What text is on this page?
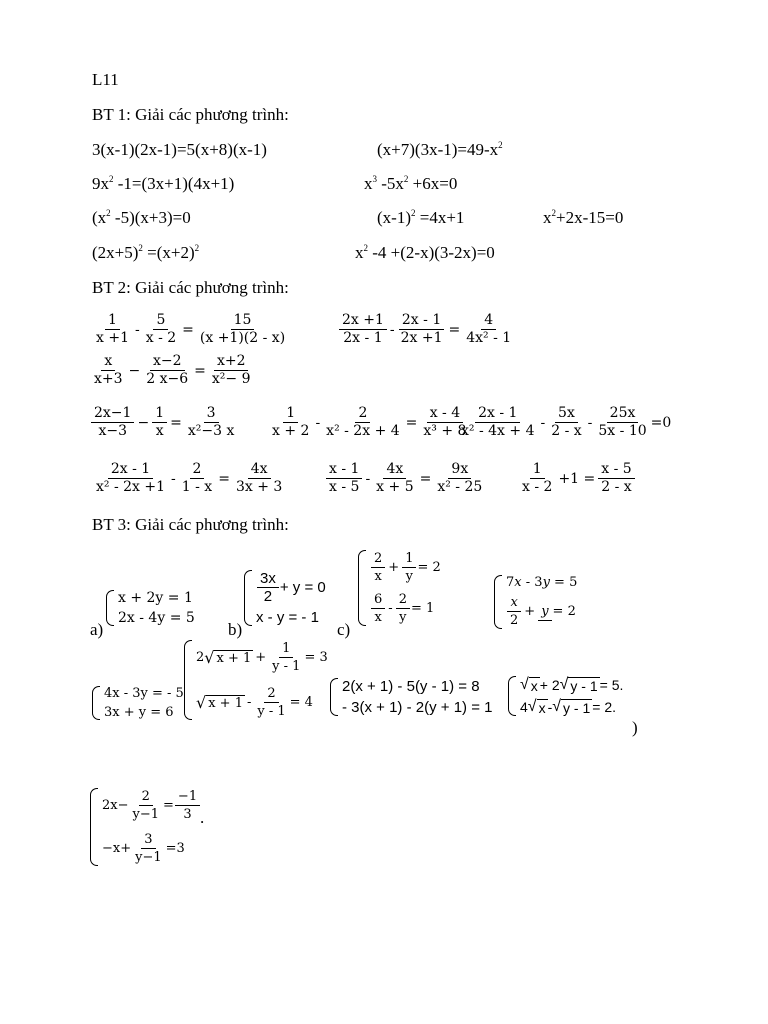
L11
BT 1: Giải các phương trình:
3(x-1)(2x-1)=5(x+8)(x-1)	$(x+7)(3x-1)=49-x^2$
$9x^2$ -1=(3x+1)(4x+1)	$x^3$ $-5x^2 +6x=0$
($x^2$ -5)(x+3)=0	$(x-1)^2 =4x+1$	$x^2+2x-15=0$
$(2x+5)^2 =(x+2)^2$	$x^2$ -4 +(2-x)(3-2x)=0
BT 2: Giải các phương trình:
$\frac{1}{x +1} - \frac{5}{x - 2} = \frac{15}{(x +1)(2 - x)}$	$\frac{2x +1}{2x - 1} - \frac{2x - 1}{2x +1} = \frac{4}{\text{4x² - 1}}$
$\frac{x}{x+3} - \frac{x-2}{2 x-6} = \frac{x+2}{\text{x²− 9}}$
$\frac{2x-1}{x-3} - \frac{1}{x} = \frac{3}{\text{x²−3 x}} \frac{1}{x + 2} - \frac{2}{\text{x² - 2x + 4}} = \frac{x - 4}{\text{x³ + 8}}$
$\frac{2x - 1}{\text{x² - 4x + 4}} - \frac{5x}{2 - x} - \frac{25x}{5x - 10} =0$
$\frac{2x - 1}{\text{x² - 2x +1}} - \frac{2}{1 - x} = \frac{4x}{3x + 3}$	$\frac{x - 1}{x - 5} - \frac{4x}{x + 5} = \frac{9x}{\text{x² - 25}} \frac{1}{x - 2} +1 = \frac{x - 5}{2 - x}$
BT 3: Giải các phương trình:
a)
x + 2y = 1
2x - 4y = 5
b)
$\frac{3x}{2} + y = 0$
x - y = - 1
c)
$\frac{2}{x} + \frac{1}{y} = 2$
$\frac{6}{x} - \frac{2}{y} = 1$
7x - 3y = 5
$\frac{x}{2} + y = 2$
4x - 3y = - 5
3x + y = 6
2 √ $x + 1 + \frac{1}{y - 1} = 3$
√ $x + 1 - \frac{2}{y - 1} = 4$
2(x + 1) - 5(y - 1) = 8
- 3(x + 1) - 2(y + 1) = 1
√ x + 2 √ y - 1 = 5 .
4 √ x - √ y - 1 = 2 .
)
$2x- \frac{2}{y-1} = \frac{-1}{3}$
$-x+ \frac{3}{y-1} =3$
.
